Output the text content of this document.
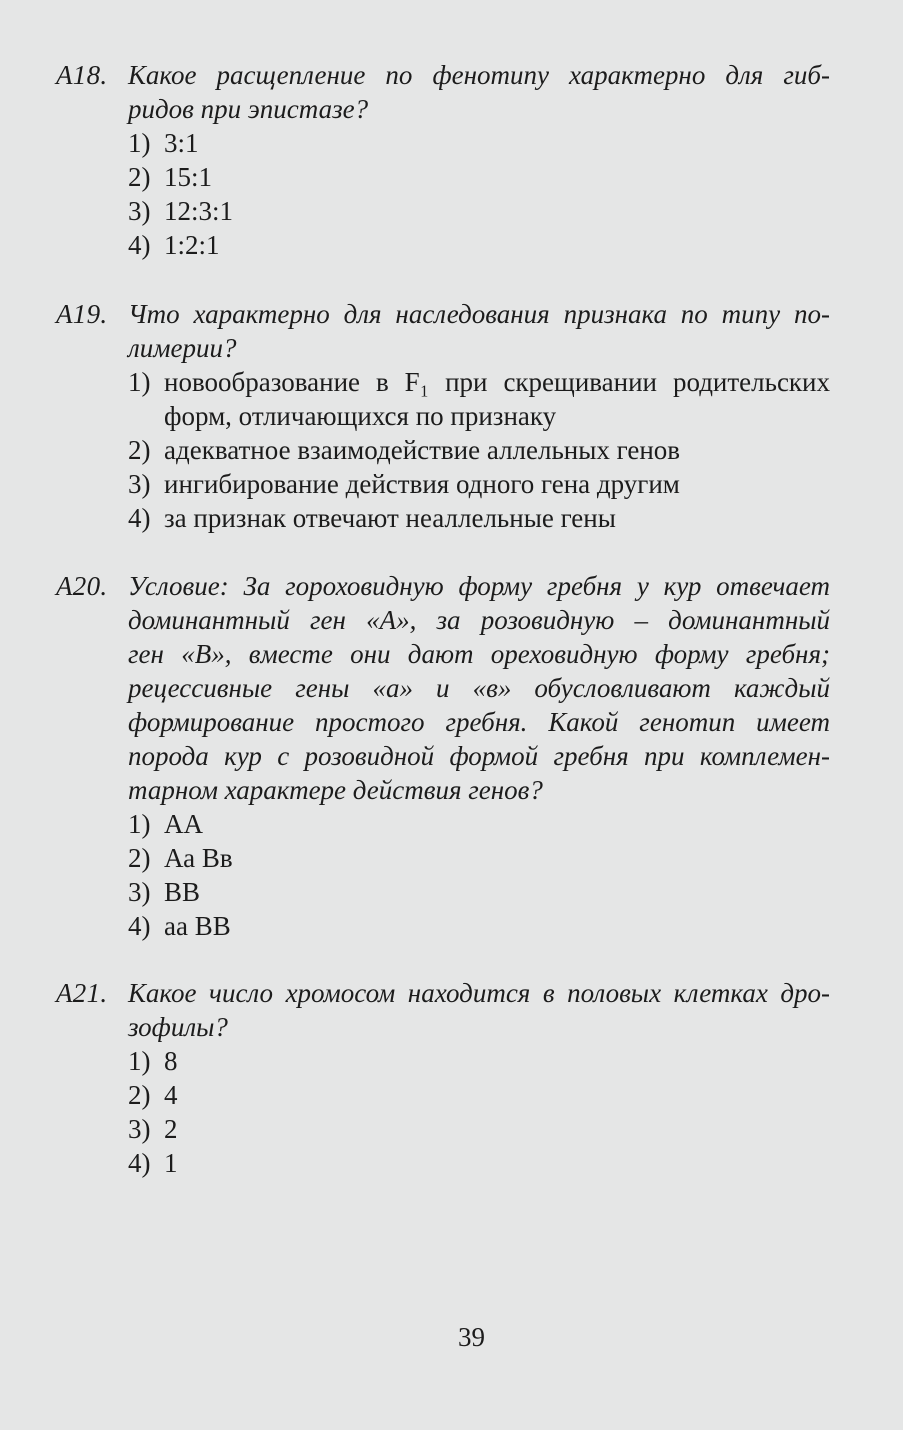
А18. Какое расщепление по фенотипу характерно для гиб-
ридов при эпистазе?

1) 3:1
2) 15:1
3) 12:3:1
4) 1:2:1
А19. Что характерно для наследования признака по типу по-
лимерии?

1) новообразование в F₁ при скрещивании родительских
форм, отличающихся по признаку
2) адекватное взаимодействие аллельных генов
3) ингибирование действия одного гена другим
4) за признак отвечают неаллельные гены
А20. Условие: За гороховидную форму гребня у кур отвечает
доминантный ген «А», за розовидную – доминантный
ген «В», вместе они дают ореховидную форму гребня;
рецессивные гены «а» и «в» обусловливают каждый
формирование простого гребня. Какой генотип имеет
порода кур с розовидной формой гребня при комплемен-
тарном характере действия генов?

1) АА
2) Аа Вв
3) ВВ
4) аа ВВ
А21. Какое число хромосом находится в половых клетках дро-
зофилы?

1) 8
2) 4
3) 2
4) 1
39
